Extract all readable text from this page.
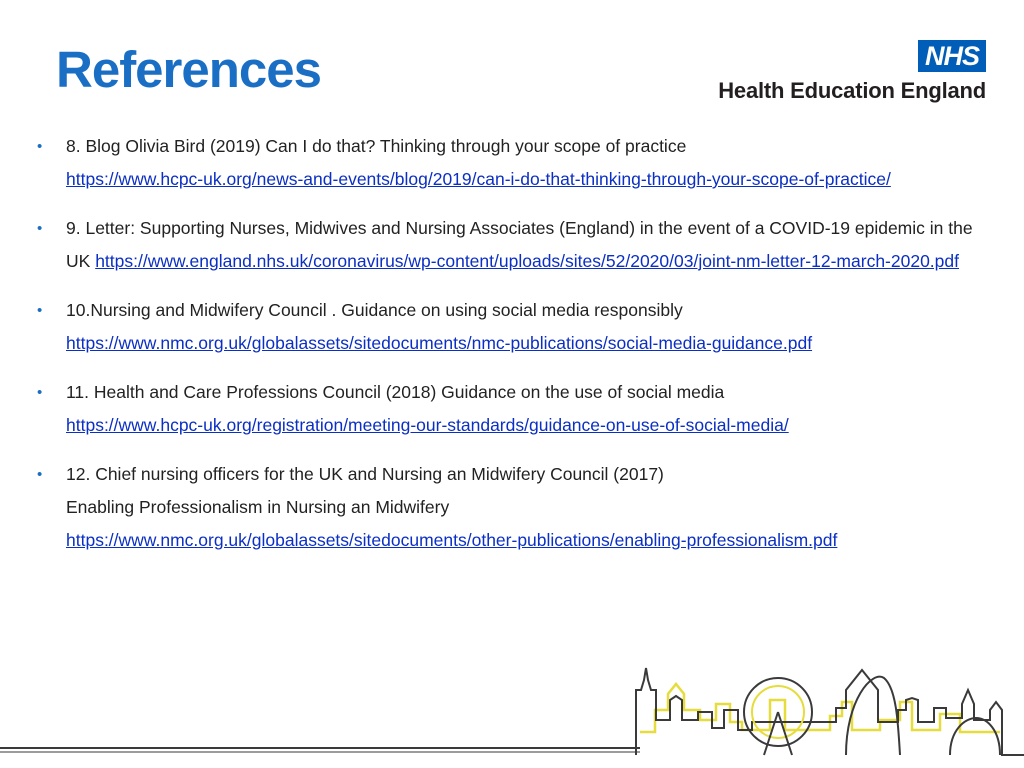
References	NHS
Health Education England
• 8. Blog Olivia Bird (2019) Can I do that? Thinking through your scope of practice
https://www.hcpc-uk.org/news-and-events/blog/2019/can-i-do-that-thinking-through-your-scope-of-practice/
• 9. Letter: Supporting Nurses, Midwives and Nursing Associates (England) in the event of a COVID-19 epidemic in the UK https://www.england.nhs.uk/coronavirus/wp-content/uploads/sites/52/2020/03/joint-nm-letter-12-march-2020.pdf
• 10.Nursing and Midwifery Council . Guidance on using social media responsibly
https://www.nmc.org.uk/globalassets/sitedocuments/nmc-publications/social-media-guidance.pdf
• 11. Health and Care Professions Council (2018) Guidance on the use of social media
https://www.hcpc-uk.org/registration/meeting-our-standards/guidance-on-use-of-social-media/
• 12. Chief nursing officers for the UK and Nursing an Midwifery Council (2017)
Enabling Professionalism in Nursing an Midwifery
https://www.nmc.org.uk/globalassets/sitedocuments/other-publications/enabling-professionalism.pdf
